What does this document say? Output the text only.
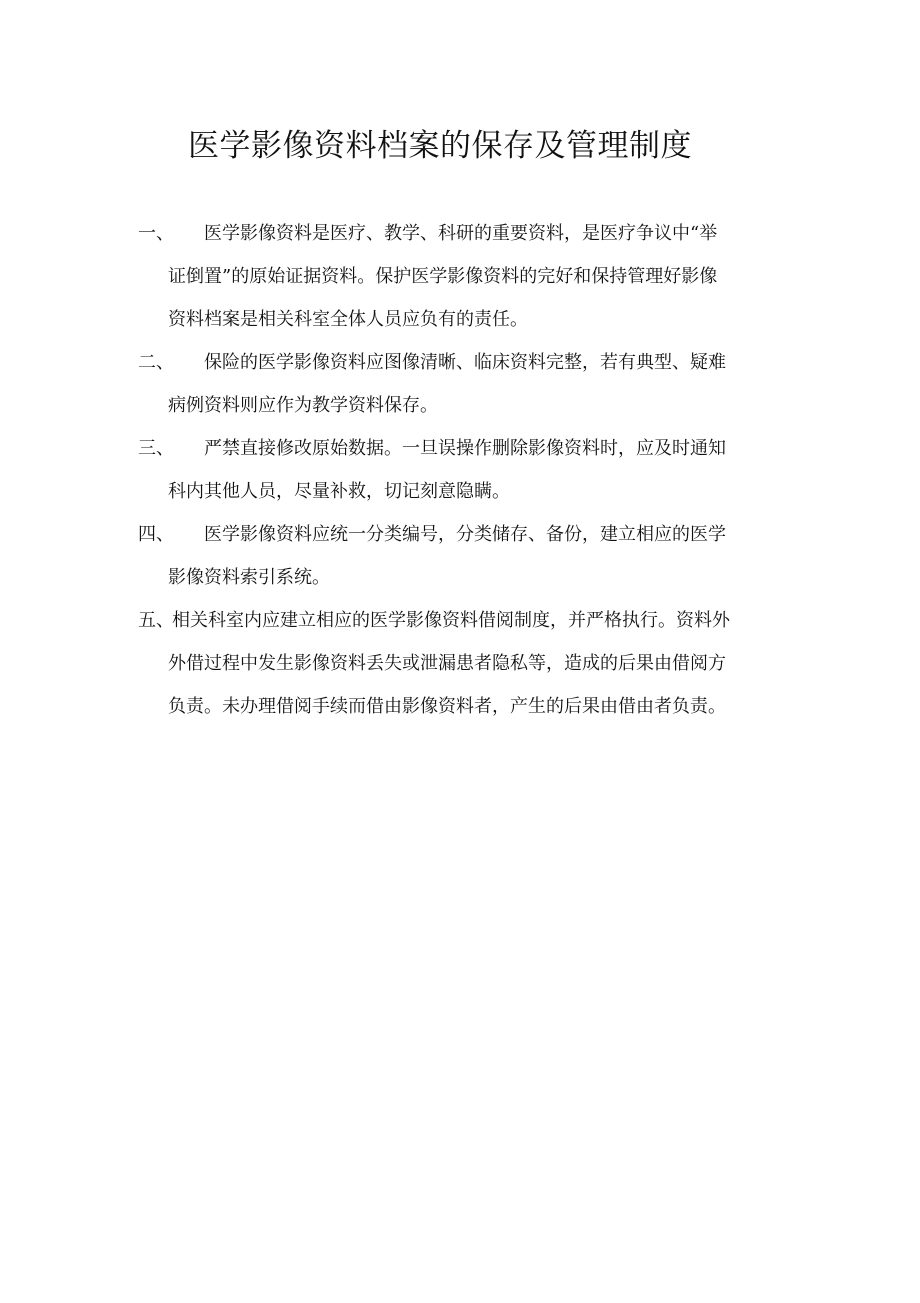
医学影像资料档案的保存及管理制度
一、	医学影像资料是医疗、教学、科研的重要资料，是医疗争议中“举
证倒置”的原始证据资料。保护医学影像资料的完好和保持管理好影像
资料档案是相关科室全体人员应负有的责任。
二、	保险的医学影像资料应图像清晰、临床资料完整，若有典型、疑难
病例资料则应作为教学资料保存。
三、	严禁直接修改原始数据。一旦误操作删除影像资料时，应及时通知
科内其他人员，尽量补救，切记刻意隐瞒。
四、	医学影像资料应统一分类编号，分类储存、备份，建立相应的医学
影像资料索引系统。
五、
相关科室内应建立相应的医学影像资料借阅制度，并严格执行。资料外
外借过程中发生影像资料丢失或泄漏患者隐私等，造成的后果由借阅方
负责。未办理借阅手续而借由影像资料者，产生的后果由借由者负责。
